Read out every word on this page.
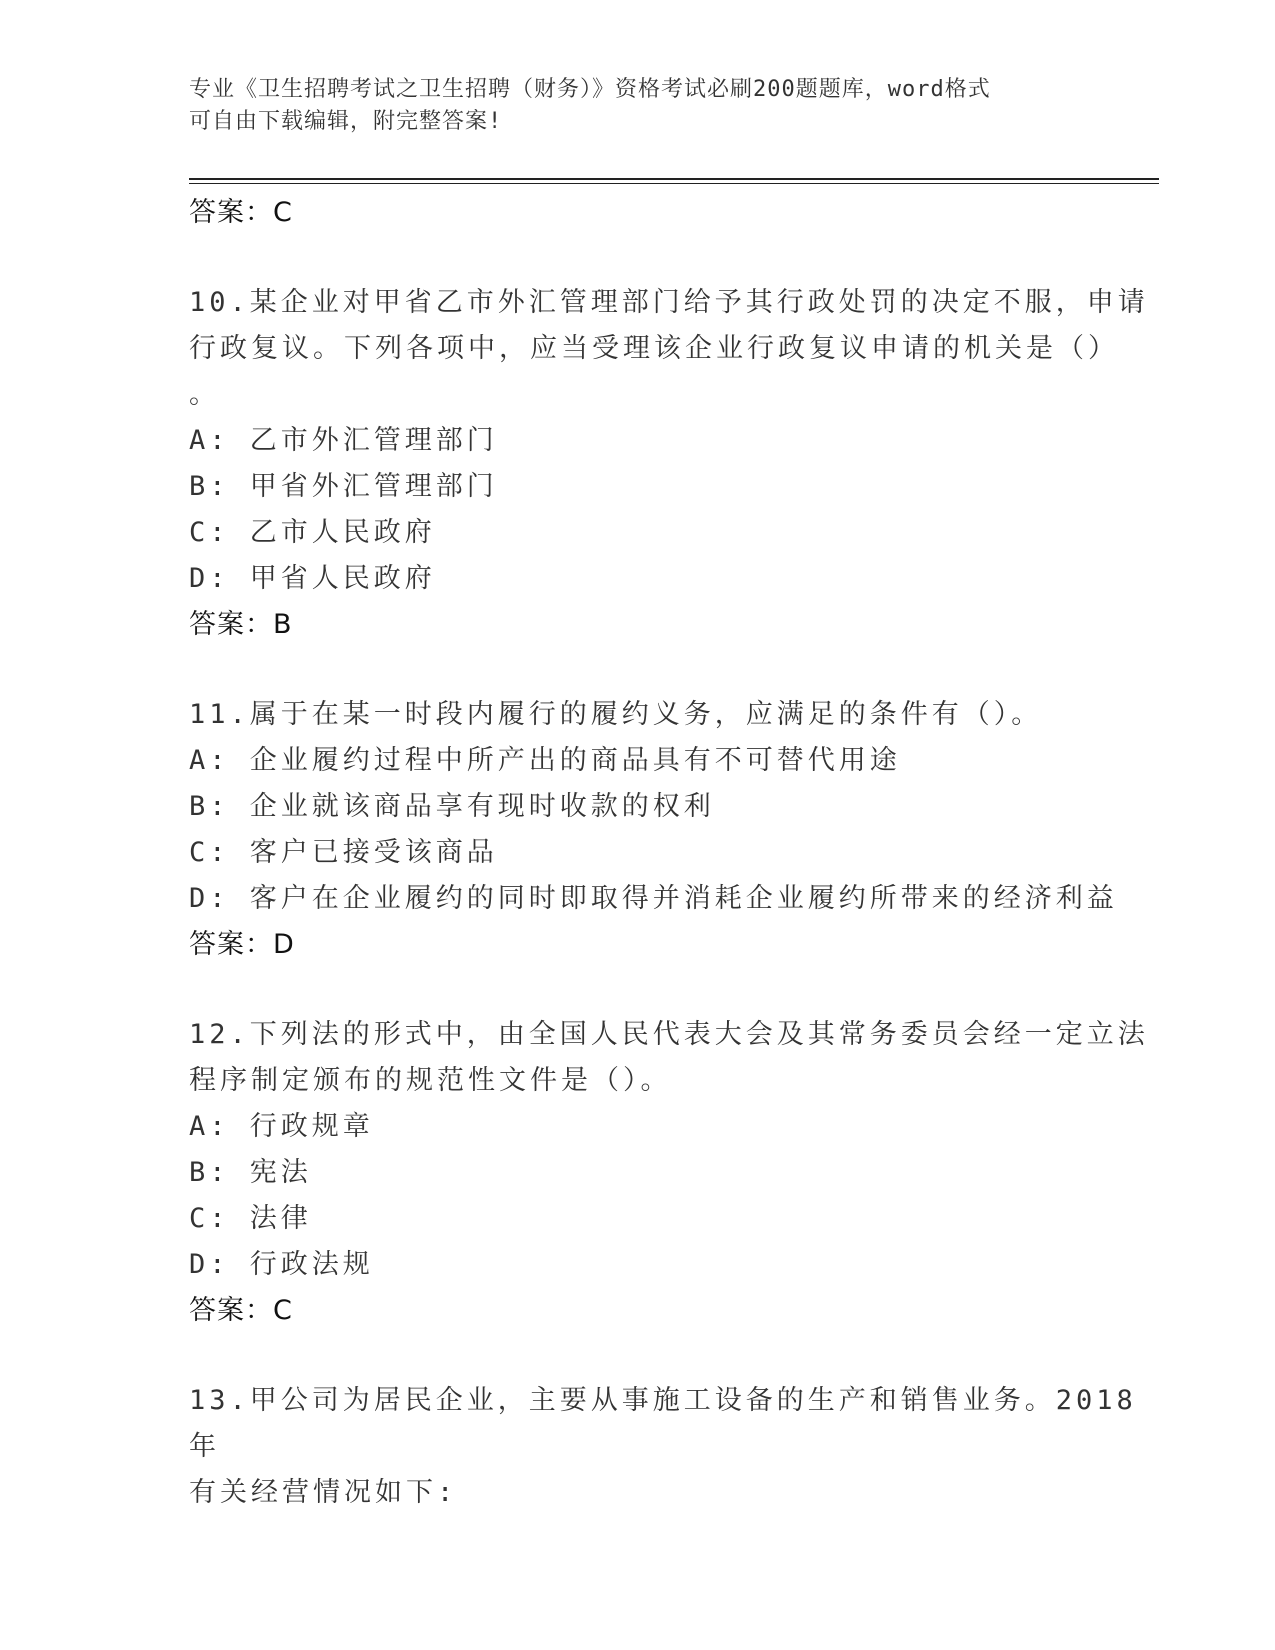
专业《卫生招聘考试之卫生招聘（财务）》资格考试必刷200题题库，word格式
可自由下载编辑，附完整答案!
答案：C
10.某企业对甲省乙市外汇管理部门给予其行政处罚的决定不服，申请
行政复议。下列各项中，应当受理该企业行政复议申请的机关是（）
。
A: 乙市外汇管理部门
B: 甲省外汇管理部门
C: 乙市人民政府
D: 甲省人民政府
答案：B
11.属于在某一时段内履行的履约义务，应满足的条件有（）。
A: 企业履约过程中所产出的商品具有不可替代用途
B: 企业就该商品享有现时收款的权利
C: 客户已接受该商品
D: 客户在企业履约的同时即取得并消耗企业履约所带来的经济利益
答案：D
12.下列法的形式中，由全国人民代表大会及其常务委员会经一定立法
程序制定颁布的规范性文件是（）。
A: 行政规章
B: 宪法
C: 法律
D: 行政法规
答案：C
13.甲公司为居民企业，主要从事施工设备的生产和销售业务。2018年
有关经营情况如下:
